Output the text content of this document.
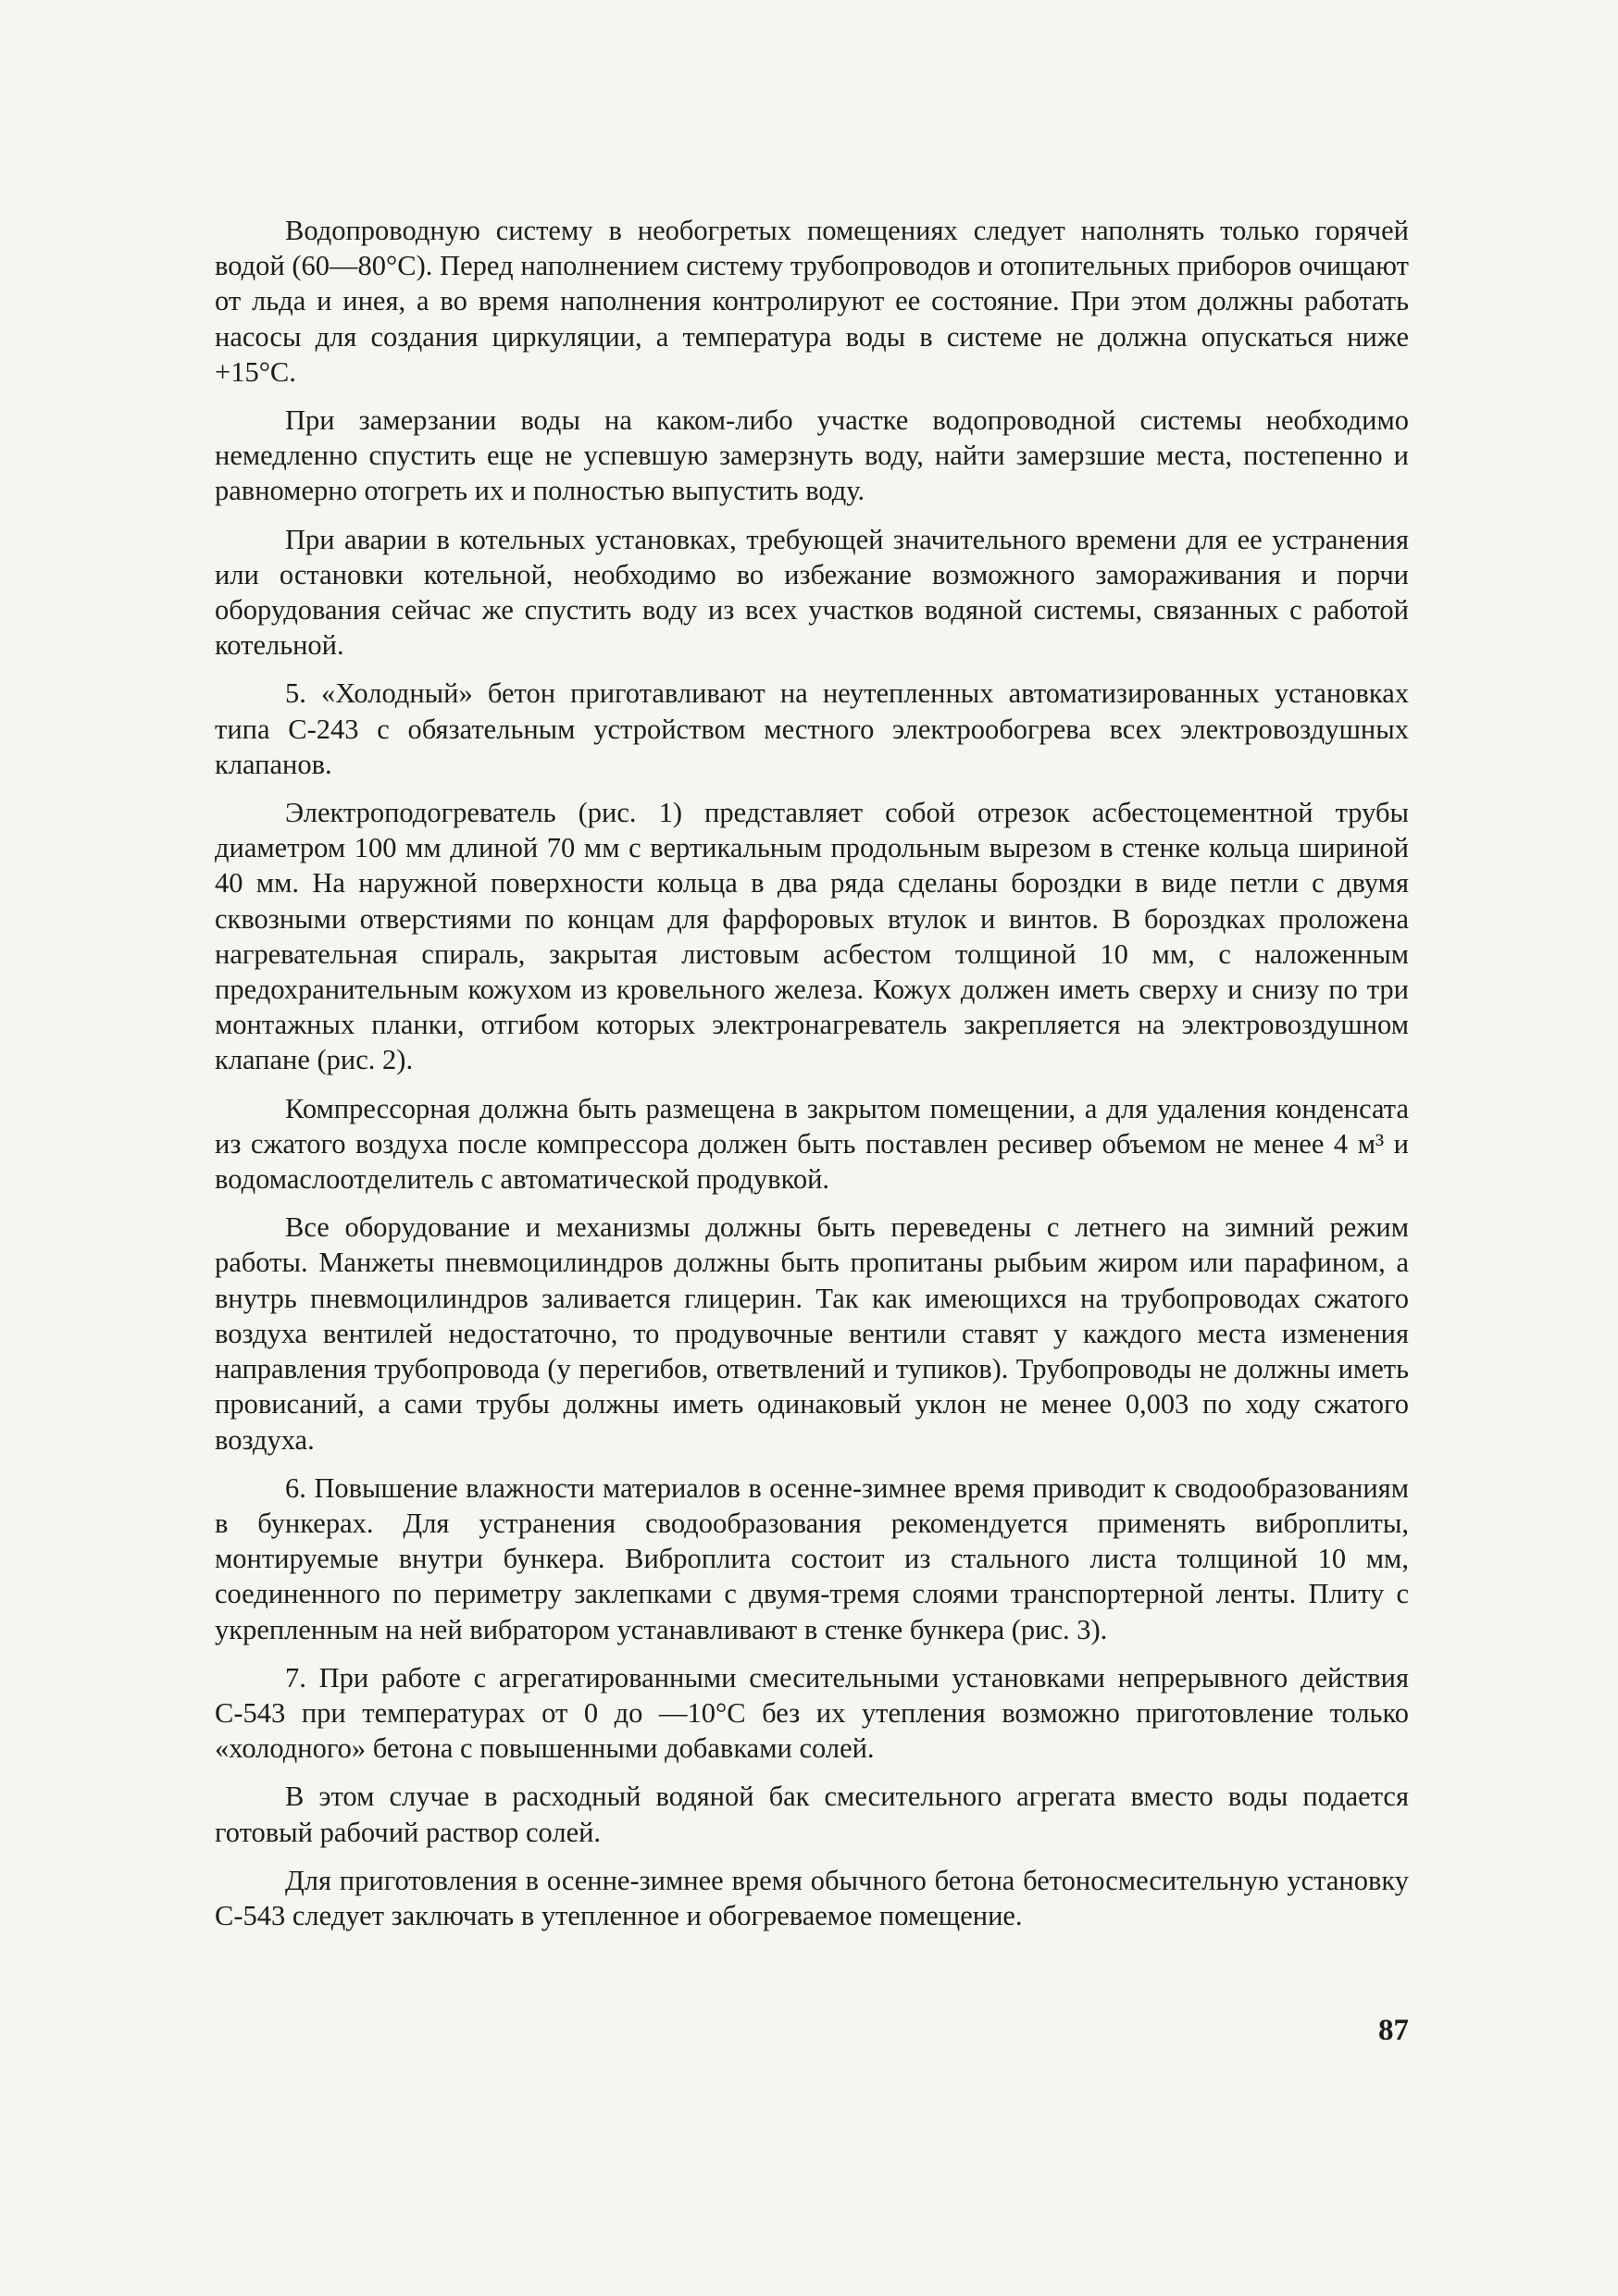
Водопроводную систему в необогретых помещениях следует наполнять только горячей водой (60—80°С). Перед наполнением систему трубопроводов и отопительных приборов очищают от льда и инея, а во время наполнения контролируют ее состояние. При этом должны работать насосы для создания циркуляции, а температура воды в системе не должна опускаться ниже +15°С.

При замерзании воды на каком-либо участке водопроводной системы необходимо немедленно спустить еще не успевшую замерзнуть воду, найти замерзшие места, постепенно и равномерно отогреть их и полностью выпустить воду.

При аварии в котельных установках, требующей значительного времени для ее устранения или остановки котельной, необходимо во избежание возможного замораживания и порчи оборудования сейчас же спустить воду из всех участков водяной системы, связанных с работой котельной.

5. «Холодный» бетон приготавливают на неутепленных автоматизированных установках типа С-243 с обязательным устройством местного электрообогрева всех электровоздушных клапанов.

Электроподогреватель (рис. 1) представляет собой отрезок асбестоцементной трубы диаметром 100 мм длиной 70 мм с вертикальным продольным вырезом в стенке кольца шириной 40 мм. На наружной поверхности кольца в два ряда сделаны бороздки в виде петли с двумя сквозными отверстиями по концам для фарфоровых втулок и винтов. В бороздках проложена нагревательная спираль, закрытая листовым асбестом толщиной 10 мм, с наложенным предохранительным кожухом из кровельного железа. Кожух должен иметь сверху и снизу по три монтажных планки, отгибом которых электронагреватель закрепляется на электровоздушном клапане (рис. 2).

Компрессорная должна быть размещена в закрытом помещении, а для удаления конденсата из сжатого воздуха после компрессора должен быть поставлен ресивер объемом не менее 4 м³ и водомаслоотделитель с автоматической продувкой.

Все оборудование и механизмы должны быть переведены с летнего на зимний режим работы. Манжеты пневмоцилиндров должны быть пропитаны рыбьим жиром или парафином, а внутрь пневмоцилиндров заливается глицерин. Так как имеющихся на трубопроводах сжатого воздуха вентилей недостаточно, то продувочные вентили ставят у каждого места изменения направления трубопровода (у перегибов, ответвлений и тупиков). Трубопроводы не должны иметь провисаний, а сами трубы должны иметь одинаковый уклон не менее 0,003 по ходу сжатого воздуха.

6. Повышение влажности материалов в осенне-зимнее время приводит к сводообразованиям в бункерах. Для устранения сводообразования рекомендуется применять виброплиты, монтируемые внутри бункера. Виброплита состоит из стального листа толщиной 10 мм, соединенного по периметру заклепками с двумя-тремя слоями транспортерной ленты. Плиту с укрепленным на ней вибратором устанавливают в стенке бункера (рис. 3).

7. При работе с агрегатированными смесительными установками непрерывного действия С-543 при температурах от 0 до —10°С без их утепления возможно приготовление только «холодного» бетона с повышенными добавками солей.

В этом случае в расходный водяной бак смесительного агрегата вместо воды подается готовый рабочий раствор солей.

Для приготовления в осенне-зимнее время обычного бетона бетоносмесительную установку С-543 следует заключать в утепленное и обогреваемое помещение.

87
